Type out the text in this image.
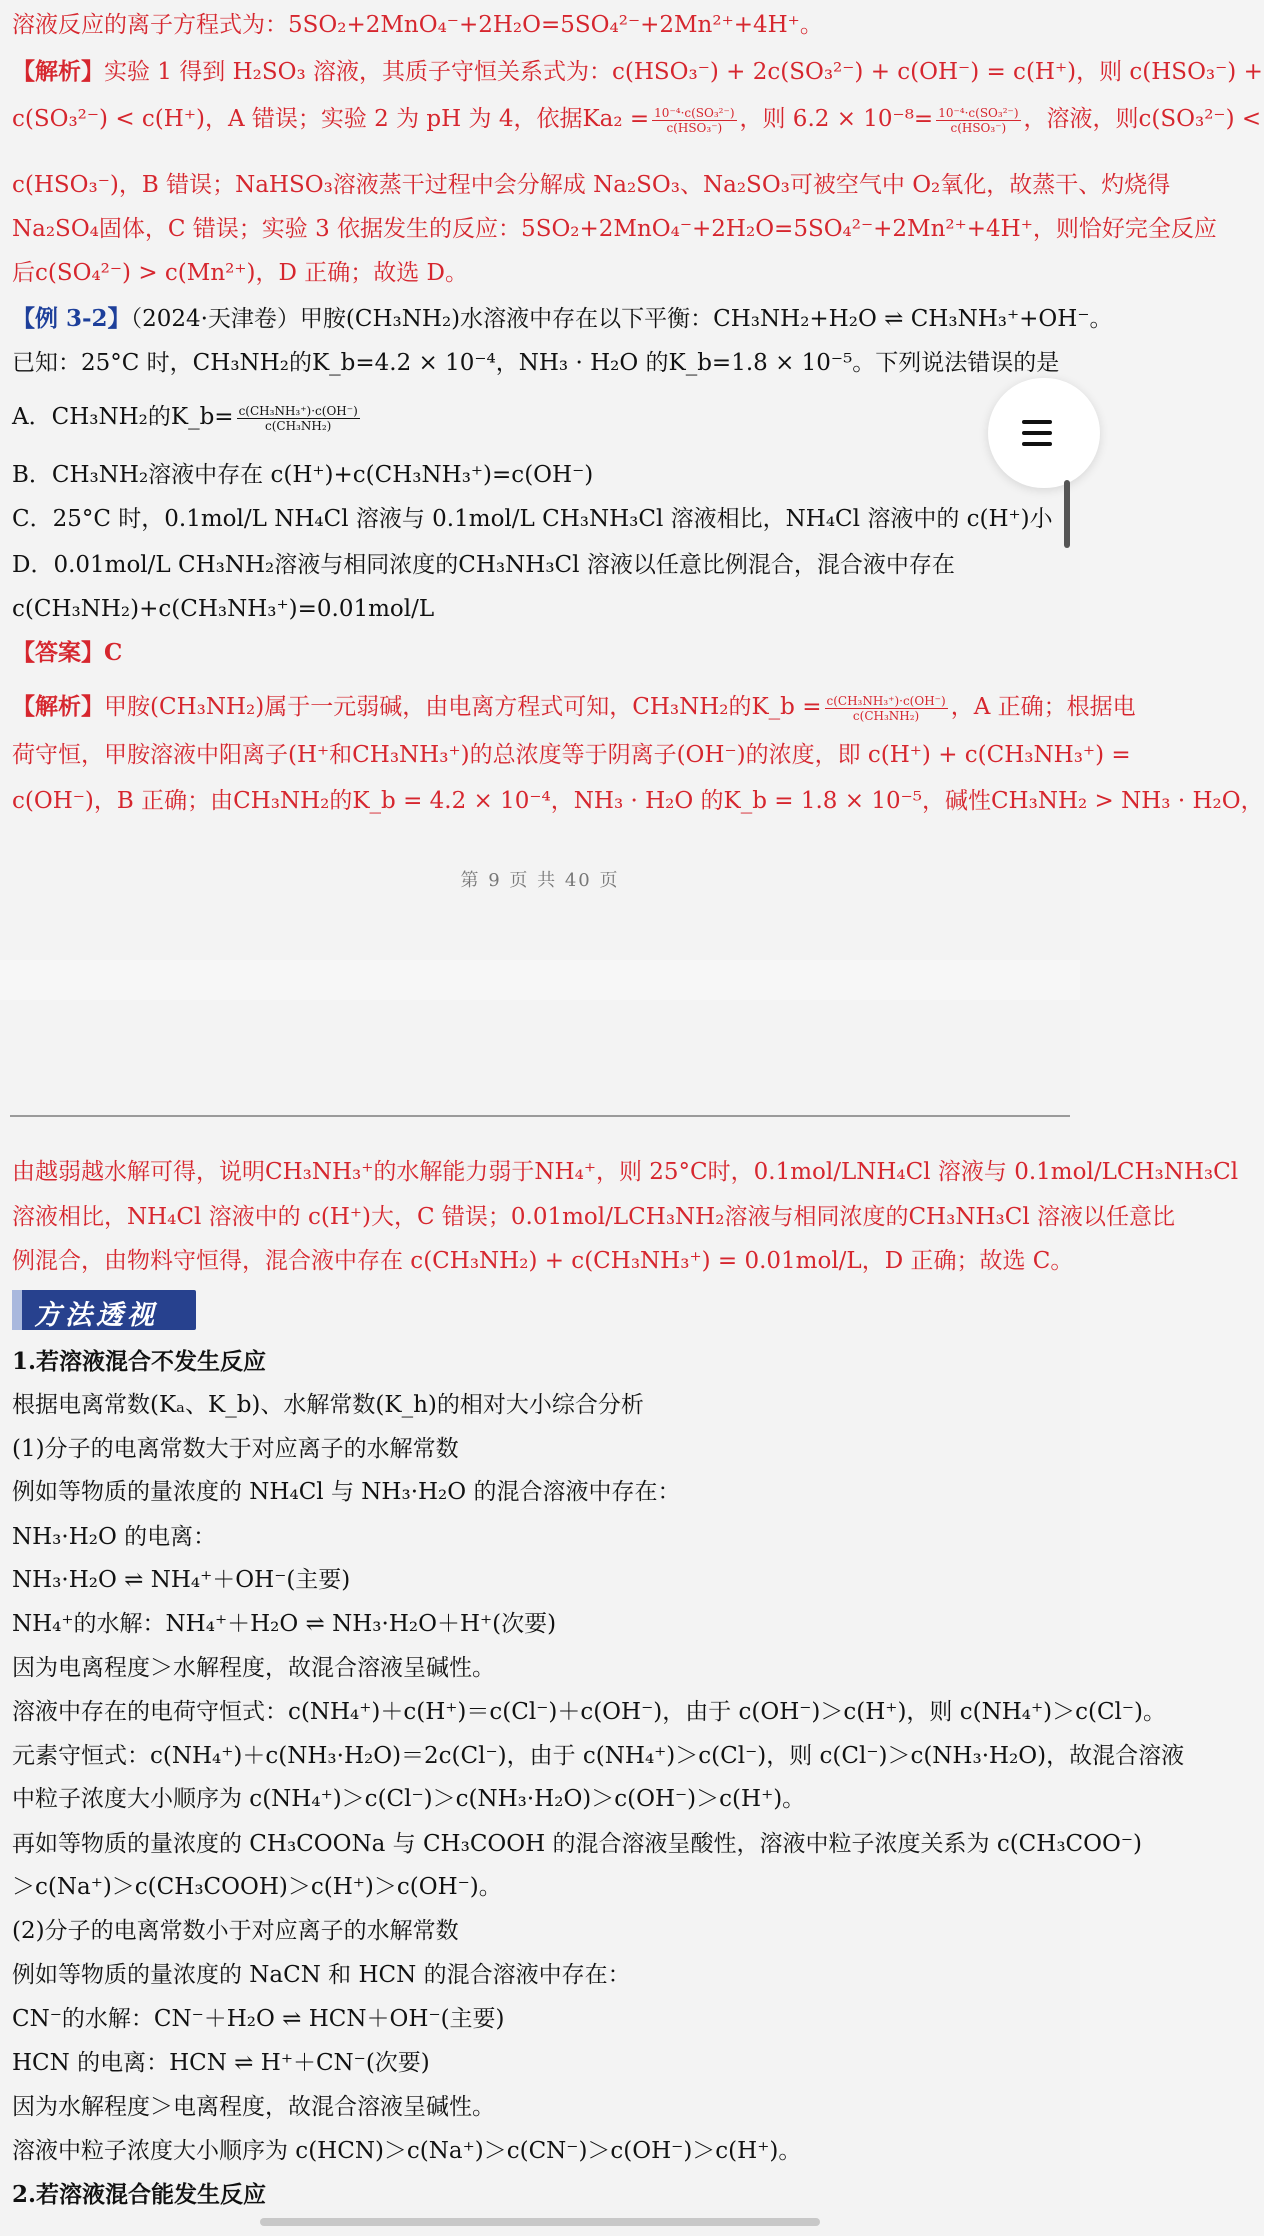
溶液反应的离子方程式为：5SO₂+2MnO₄⁻+2H₂O=5SO₄²⁻+2Mn²⁺+4H⁺。
【解析】实验 1 得到 H₂SO₃ 溶液，其质子守恒关系式为：c(HSO₃⁻) + 2c(SO₃²⁻) + c(OH⁻) = c(H⁺)，则 c(HSO₃⁻) +
c(SO₃²⁻) < c(H⁺)，A 错误；实验 2 为 pH 为 4，依据$Ka_2 = \frac{\text{10⁻⁴·c(SO₃²⁻)}}{\text{c(HSO₃⁻)}}$ ，则 $6.2 \times 10^{-8}= \frac{\text{10⁻⁴·c(SO₃²⁻)}}{\text{c(HSO₃⁻)}}$ ，溶液，则c(SO₃²⁻) <
c(HSO₃⁻)，B 错误；NaHSO₃溶液蒸干过程中会分解成 Na₂SO₃、Na₂SO₃可被空气中 O₂氧化，故蒸干、灼烧得
Na₂SO₄固体，C 错误；实验 3 依据发生的反应：5SO₂+2MnO₄⁻+2H₂O=5SO₄²⁻+2Mn²⁺+4H⁺，则恰好完全反应
后c(SO₄²⁻) > c(Mn²⁺)，D 正确；故选 D。
【例 3-2】（2024·天津卷）甲胺(CH₃NH₂)水溶液中存在以下平衡：CH₃NH₂+H₂O ⇌ CH₃NH₃⁺+OH⁻。
已知：25°C 时，CH₃NH₂的K_b=4.2 × 10⁻⁴，NH₃ · H₂O 的K_b=1.8 × 10⁻⁵。下列说法错误的是
A．CH₃NH₂的K_b= $\frac{\text{c(CH₃NH₃⁺)·c(OH⁻)}}{\text{c(CH₃NH₂)}}$
B．CH₃NH₂溶液中存在 c(H⁺)+c(CH₃NH₃⁺)=c(OH⁻)
C．25°C 时，0.1mol/L NH₄Cl 溶液与 0.1mol/L CH₃NH₃Cl 溶液相比，NH₄Cl 溶液中的 c(H⁺)小
D．0.01mol/L CH₃NH₂溶液与相同浓度的CH₃NH₃Cl 溶液以任意比例混合，混合液中存在
c(CH₃NH₂)+c(CH₃NH₃⁺)=0.01mol/L
【答案】C
【解析】甲胺(CH₃NH₂)属于一元弱碱，由电离方程式可知，CH₃NH₂的K_b = $\frac{\text{c(CH₃NH₃⁺)·c(OH⁻)}}{\text{c(CH₃NH₂)}}$ ，A 正确；根据电
荷守恒，甲胺溶液中阳离子(H⁺和CH₃NH₃⁺)的总浓度等于阴离子(OH⁻)的浓度，即 c(H⁺) + c(CH₃NH₃⁺) =
c(OH⁻)，B 正确；由CH₃NH₂的K_b = 4.2 × 10⁻⁴，NH₃ · H₂O 的K_b = 1.8 × 10⁻⁵，碱性CH₃NH₂ > NH₃ · H₂O，
第 9 页 共 40 页
由越弱越水解可得，说明CH₃NH₃⁺的水解能力弱于NH₄⁺，则 25°C时，0.1mol/LNH₄Cl 溶液与 0.1mol/LCH₃NH₃Cl
溶液相比，NH₄Cl 溶液中的 c(H⁺)大，C 错误；0.01mol/LCH₃NH₂溶液与相同浓度的CH₃NH₃Cl 溶液以任意比
例混合，由物料守恒得，混合液中存在 c(CH₃NH₂) + c(CH₃NH₃⁺) = 0.01mol/L，D 正确；故选 C。
方法透视
1.若溶液混合不发生反应
根据电离常数(Kₐ、K_b)、水解常数(K_h)的相对大小综合分析
(1)分子的电离常数大于对应离子的水解常数
例如等物质的量浓度的 NH₄Cl 与 NH₃·H₂O 的混合溶液中存在：
NH₃·H₂O 的电离：
NH₃·H₂O ⇌ NH₄⁺＋OH⁻(主要)
NH₄⁺的水解：NH₄⁺＋H₂O ⇌ NH₃·H₂O＋H⁺(次要)
因为电离程度＞水解程度，故混合溶液呈碱性。
溶液中存在的电荷守恒式：c(NH₄⁺)＋c(H⁺)＝c(Cl⁻)＋c(OH⁻)，由于 c(OH⁻)＞c(H⁺)，则 c(NH₄⁺)＞c(Cl⁻)。
元素守恒式：c(NH₄⁺)＋c(NH₃·H₂O)＝2c(Cl⁻)，由于 c(NH₄⁺)＞c(Cl⁻)，则 c(Cl⁻)＞c(NH₃·H₂O)，故混合溶液
中粒子浓度大小顺序为 c(NH₄⁺)＞c(Cl⁻)＞c(NH₃·H₂O)＞c(OH⁻)＞c(H⁺)。
再如等物质的量浓度的 CH₃COONa 与 CH₃COOH 的混合溶液呈酸性，溶液中粒子浓度关系为 c(CH₃COO⁻)
＞c(Na⁺)＞c(CH₃COOH)＞c(H⁺)＞c(OH⁻)。
(2)分子的电离常数小于对应离子的水解常数
例如等物质的量浓度的 NaCN 和 HCN 的混合溶液中存在：
CN⁻的水解：CN⁻＋H₂O ⇌ HCN＋OH⁻(主要)
HCN 的电离：HCN ⇌ H⁺＋CN⁻(次要)
因为水解程度＞电离程度，故混合溶液呈碱性。
溶液中粒子浓度大小顺序为 c(HCN)＞c(Na⁺)＞c(CN⁻)＞c(OH⁻)＞c(H⁺)。
2.若溶液混合能发生反应
